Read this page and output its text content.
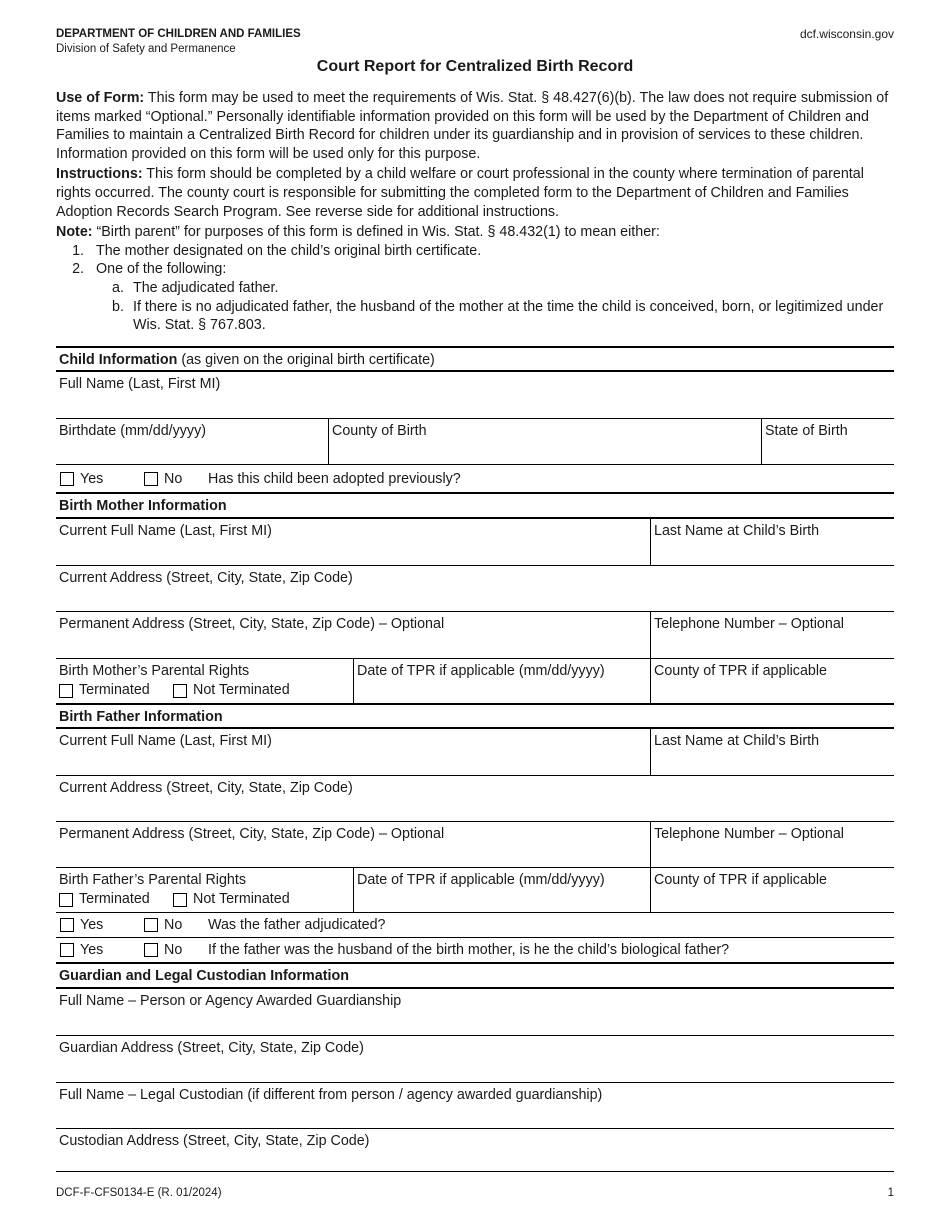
DEPARTMENT OF CHILDREN AND FAMILIES
Division of Safety and Permanence
dcf.wisconsin.gov
Court Report for Centralized Birth Record

Use of Form: This form may be used to meet the requirements of Wis. Stat. § 48.427(6)(b). The law does not require submission of items marked “Optional.” Personally identifiable information provided on this form will be used by the Department of Children and Families to maintain a Centralized Birth Record for children under its guardianship and in provision of services to these children. Information provided on this form will be used only for this purpose.

Instructions: This form should be completed by a child welfare or court professional in the county where termination of parental rights occurred. The county court is responsible for submitting the completed form to the Department of Children and Families Adoption Records Search Program. See reverse side for additional instructions.

Note: “Birth parent” for purposes of this form is defined in Wis. Stat. § 48.432(1) to mean either:

1. The mother designated on the child’s original birth certificate.
2. One of the following:
a. The adjudicated father.
b. If there is no adjudicated father, the husband of the mother at the time the child is conceived, born, or legitimized under Wis. Stat. § 767.803.
Child Information (as given on the original birth certificate)
Full Name (Last, First MI)
Birthdate (mm/dd/yyyy)	County of Birth	State of Birth
Yes	No Has this child been adopted previously?
Birth Mother Information
Current Full Name (Last, First MI)	Last Name at Child’s Birth
Current Address (Street, City, State, Zip Code)
Permanent Address (Street, City, State, Zip Code) – Optional	Telephone Number – Optional
Birth Mother’s Parental Rights
Terminated	Not Terminated
Date of TPR if applicable (mm/dd/yyyy)	County of TPR if applicable
Birth Father Information
Current Full Name (Last, First MI)	Last Name at Child’s Birth
Current Address (Street, City, State, Zip Code)
Permanent Address (Street, City, State, Zip Code) – Optional	Telephone Number – Optional
Birth Father’s Parental Rights
Terminated	Not Terminated
Date of TPR if applicable (mm/dd/yyyy)	County of TPR if applicable
Yes	No Was the father adjudicated?
Yes	No If the father was the husband of the birth mother, is he the child’s biological father?
Guardian and Legal Custodian Information
Full Name – Person or Agency Awarded Guardianship
Guardian Address (Street, City, State, Zip Code)
Full Name – Legal Custodian (if different from person / agency awarded guardianship)
Custodian Address (Street, City, State, Zip Code)
DCF-F-CFS0134-E (R. 01/2024)	1
